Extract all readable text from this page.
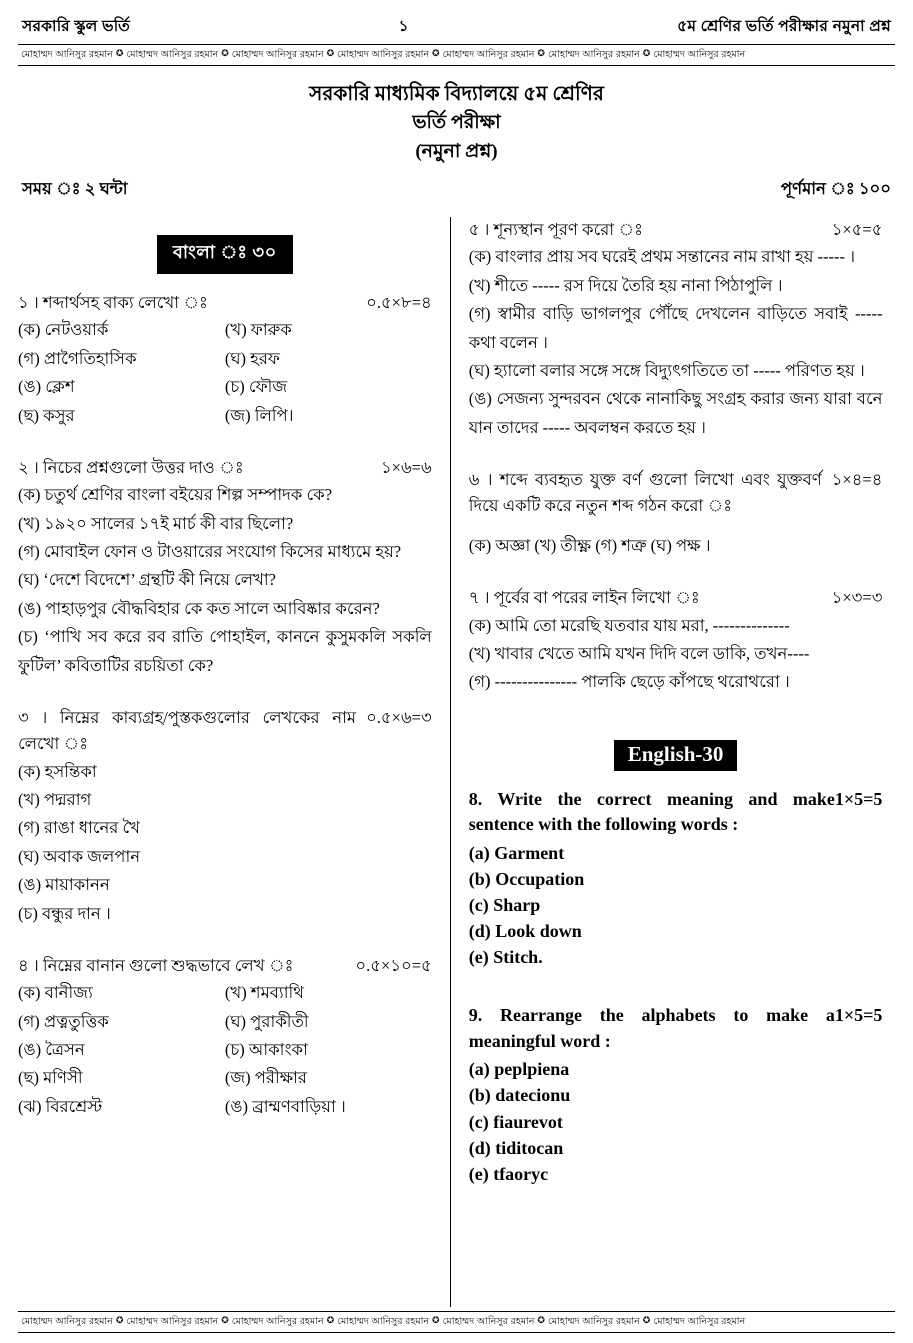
সরকারি স্কুল ভর্তি	১	৫ম শ্রেণির ভর্তি পরীক্ষার নমুনা প্রশ্ন
মোহাম্মদ আনিসুর রহমান ✪ মোহাম্মদ আনিসুর রহমান ✪ মোহাম্মদ আনিসুর রহমান ✪ মোহাম্মদ আনিসুর রহমান ✪ মোহাম্মদ আনিসুর রহমান ✪ মোহাম্মদ আনিসুর রহমান ✪ মোহাম্মদ আনিসুর রহমান
সরকারি মাধ্যমিক বিদ্যালয়ে ৫ম শ্রেণির
ভর্তি পরীক্ষা
(নমুনা প্রশ্ন)
সময় ঃ ২ ঘন্টা	পূর্ণমান ঃ ১০০
বাংলা ঃ ৩০
১ । শব্দার্থসহ বাক্য লেখো ঃ	০.৫×৮=৪
(ক) নেটওয়ার্ক	(খ) ফারুক
(গ) প্রাগৈতিহাসিক	(ঘ) হরফ
(ঙ) ক্লেশ	(চ) ফৌজ
(ছ) কসুর	(জ) লিপি।
২ । নিচের প্রশ্নগুলো উত্তর দাও ঃ	১×৬=৬
(ক) চতুর্থ শ্রেণির বাংলা বইয়ের শিল্প সম্পাদক কে?
(খ) ১৯২০ সালের ১৭ই মার্চ কী বার ছিলো?
(গ) মোবাইল ফোন ও টাওয়ারের সংযোগ কিসের মাধ্যমে হয়?
(ঘ) ‘দেশে বিদেশে’ গ্রন্থটি কী নিয়ে লেখা?
(ঙ) পাহাড়পুর বৌদ্ধবিহার কে কত সালে আবিষ্কার করেন?
(চ) ‘পাখি সব করে রব রাতি পোহাইল, কাননে কুসুমকলি সকলি ফুটিল’ কবিতাটির রচয়িতা কে?
৩ । নিম্নের কাব্যগ্রহ/পুস্তকগুলোর লেখকের নাম লেখো ঃ
০.৫×৬=৩
(ক) হসন্তিকা
(খ) পদ্মরাগ
(গ) রাঙা ধানের খৈ
(ঘ) অবাক জলপান
(ঙ) মায়াকানন
(চ) বন্ধুর দান ।
৪ । নিম্নের বানান গুলো শুদ্ধভাবে লেখ ঃ	০.৫×১০=৫
(ক) বানীজ্য	(খ) শমব্যাথি
(গ) প্রত্নতুত্তিক	(ঘ) পুরাকীতী
(ঙ) ত্রৈসন	(চ) আকাংকা
(ছ) মণিসী	(জ) পরীক্ষার
(ঝ) বিরশ্রেস্ট	(ঙ) ব্রাম্মণবাড়িয়া ।
৫ । শূন্যস্থান পূরণ করো ঃ	১×৫=৫
(ক) বাংলার প্রায় সব ঘরেই প্রথম সন্তানের নাম রাখা হয় ----- ।
(খ) শীতে ----- রস দিয়ে তৈরি হয় নানা পিঠাপুলি ।
(গ) স্বামীর বাড়ি ভাগলপুর পৌঁছে দেখলেন বাড়িতে সবাই ----- কথা বলেন ।
(ঘ) হ্যালো বলার সঙ্গে সঙ্গে বিদ্যুৎগতিতে তা ----- পরিণত হয় ।
(ঙ) সেজন্য সুন্দরবন থেকে নানাকিছু সংগ্রহ করার জন্য যারা বনে যান তাদের ----- অবলম্বন করতে হয় ।
৬ । শব্দে ব্যবহৃত যুক্ত বর্ণ গুলো লিখো এবং যুক্তবর্ণ দিয়ে একটি করে নতুন শব্দ গঠন করো ঃ
১×৪=৪
(ক) অজ্ঞা (খ) তীক্ষ্ণ (গ) শত্রু (ঘ) পক্ষ ।
৭ । পূর্বের বা পরের লাইন লিখো ঃ	১×৩=৩
(ক) আমি তো মরেছি যতবার যায় মরা, --------------
(খ) খাবার খেতে আমি যখন দিদি বলে ডাকি, তখন----
(গ) --------------- পালকি ছেড়ে কাঁপছে থরোথরো ।
English-30
1×5=5
8. Write the correct meaning and make sentence with the following words :
(a) Garment
(b) Occupation
(c) Sharp
(d) Look down
(e) Stitch.
1×5=5
9. Rearrange the alphabets to make a meaningful word :
(a) peplpiena
(b) datecionu
(c) fiaurevot
(d) tiditocan
(e) tfaoryc
মোহাম্মদ আনিসুর রহমান ✪ মোহাম্মদ আনিসুর রহমান ✪ মোহাম্মদ আনিসুর রহমান ✪ মোহাম্মদ আনিসুর রহমান ✪ মোহাম্মদ আনিসুর রহমান ✪ মোহাম্মদ আনিসুর রহমান ✪ মোহাম্মদ আনিসুর রহমান
